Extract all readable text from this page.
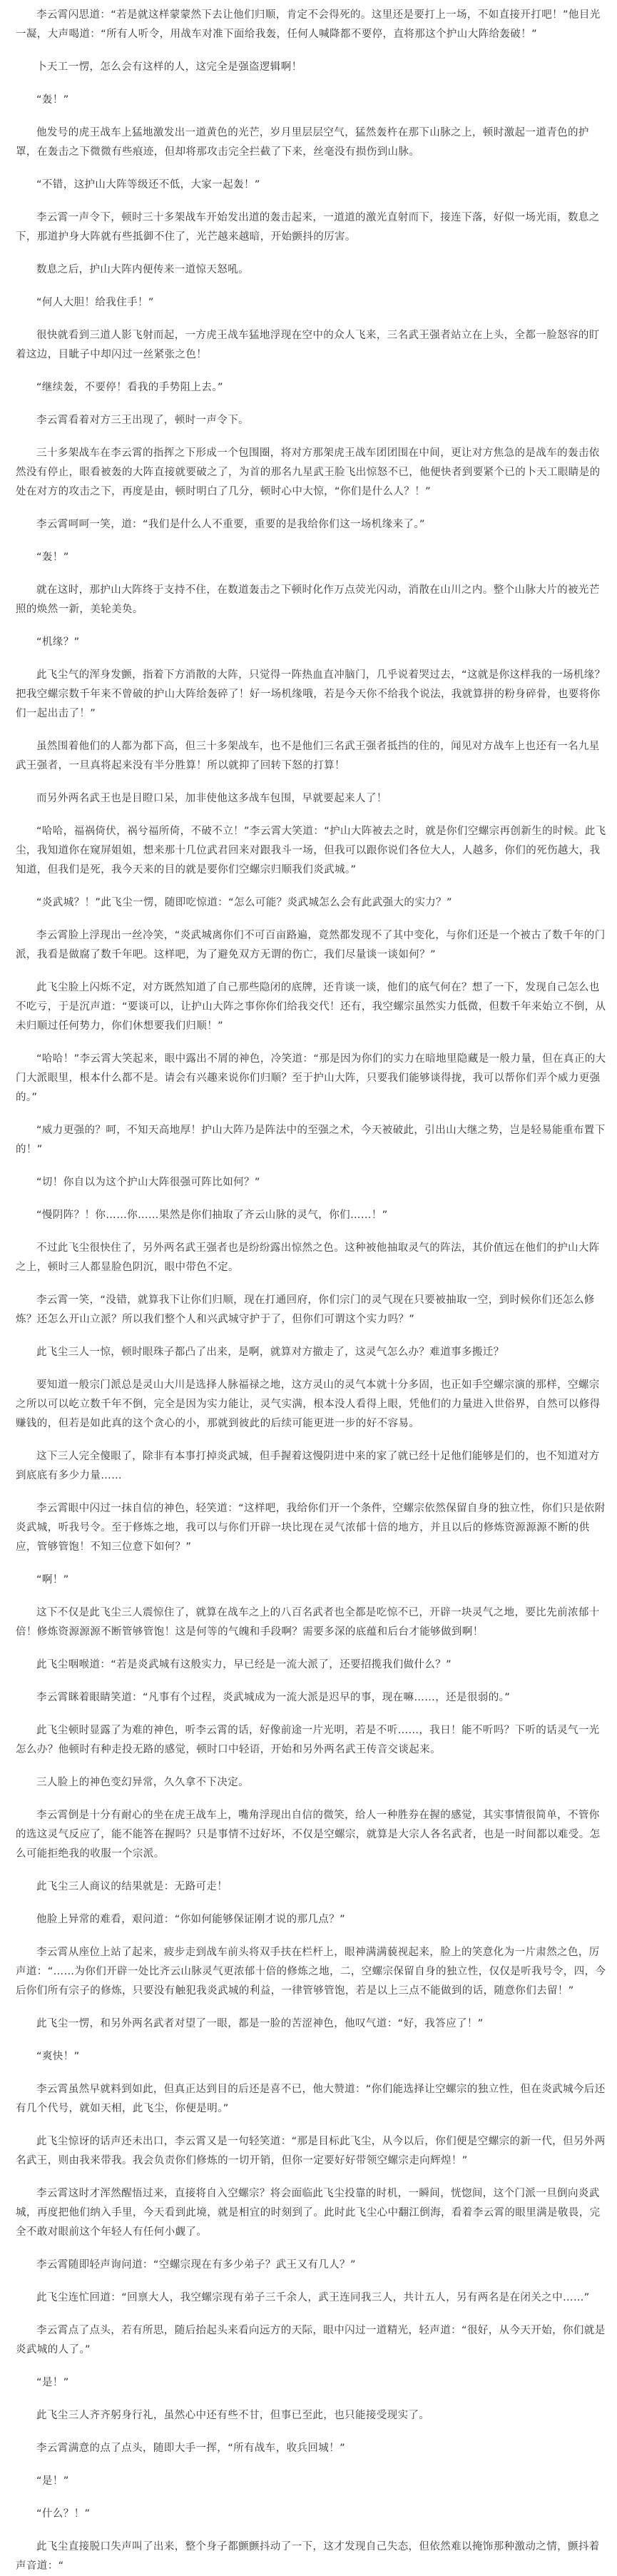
李云霄闪思道：“若是就这样蒙蒙然下去让他们归顺，肯定不会得死的。这里还是要打上一场，不如直接开打吧！”他目光一凝，大声喝道：“所有人听令，用战车对准下面给我轰，任何人喊降都不要停，直将那这个护山大阵给轰破！”

卜天工一愣，怎么会有这样的人，这完全是强盗逻辑啊！

“轰！”

他发号的虎王战车上猛地激发出一道黄色的光芒，岁月里层层空气，猛然轰杵在那下山脉之上，顿时激起一道青色的护罩，在轰击之下微微有些痕迹，但却将那攻击完全拦截了下来，丝毫没有损伤到山脉。

“不错，这护山大阵等级还不低，大家一起轰！”

李云霄一声令下，顿时三十多架战车开始发出道的轰击起来，一道道的激光直射而下，接连下落，好似一场光雨，数息之下，那道护身大阵就有些抵御不住了，光芒越来越暗，开始颤抖的厉害。

数息之后，护山大阵内便传来一道惊天怒吼。

“何人大胆！给我住手！”

很快就看到三道人影飞射而起，一方虎王战车猛地浮现在空中的众人飞来，三名武王强者站立在上头，全都一脸怒容的盯着这边，目眦子中却闪过一丝紧张之色！

“继续轰，不要停！看我的手势阻上去。”

李云霄看着对方三王出现了，顿时一声令下。

三十多架战车在李云霄的指挥之下形成一个包围圈，将对方那架虎王战车团团围在中间，更让对方焦急的是战车的轰击依然没有停止，眼看被轰的大阵直接就要破之了，为首的那名九星武王脸飞出惊怒不已，他便快者到要紧个已的卜天工眼睛是的处在对方的攻击之下，再度是由，顿时明白了几分，顿时心中大惊，“你们是什么人？！”

李云霄呵呵一笑，道：“我们是什么人不重要，重要的是我给你们这一场机缘来了。”

“轰！”

就在这时，那护山大阵终于支持不住，在数道轰击之下顿时化作万点荧光闪动，消散在山川之内。整个山脉大片的被光芒照的焕然一新，美轮美奂。

“机缘？”

此飞尘气的浑身发颤，指着下方消散的大阵，只觉得一阵热血直冲脑门，几乎说着哭过去，“这就是你这样我的一场机缘？把我空螺宗数千年来不曾破的护山大阵给轰碎了！好一场机缘哦，若是今天你不给我个说法，我就算拼的粉身碎骨，也要将你们一起出击了！”

虽然围着他们的人都为都下高，但三十多架战车，也不是他们三名武王强者抵挡的住的，闻见对方战车上也还有一名九星武王强者，一旦真将起来没有半分胜算！所以就抑了回转下怒的打算！

而另外两名武王也是目瞪口呆，加非使他这多战车包围，早就要起来人了！

“哈哈，福祸倚伏，祸兮福所倚，不破不立！”李云霄大笑道：“护山大阵被去之时，就是你们空螺宗再创新生的时候。此飞尘，我知道你在窥屏姐姐，想来那十几位武君回来对跟我斗一场，但我可以跟你说们各位大人，人越多，你们的死伤越大，我知道，但我们是死，我今天来的目的就是要你们空螺宗归顺我们炎武城。”

“炎武城？！”此飞尘一愣，随即吃惊道：“怎么可能？炎武城怎么会有此武强大的实力？”

李云霄脸上浮现出一丝冷笑，“炎武城离你们不可百亩路遍，竟然都发现不了其中变化，与你们还是一个被古了数千年的门派，我看是做腐了数千年吧。这样吧，为了避免双方无谓的伤亡，我们尽量谈一谈如何？”

此飞尘脸上闪烁不定，对方既然知道了自己那些隐闭的底牌，还肯谈一谈，他们的底气何在？想了一下，发现自己怎么也不吃亏，于是沉声道：“要谈可以，让护山大阵之事你你们给我交代！还有，我空螺宗虽然实力低微，但数千年来始立不倒，从未归顺过任何势力，你们休想要我们归顺！”

“哈哈！”李云霄大笑起来，眼中露出不屑的神色，冷笑道：“那是因为你们的实力在暗地里隐藏是一般力量，但在真正的大门大派眼里，根本什么都不是。请会有兴趣来说你们归顺？至于护山大阵，只要我们能够谈得拢，我可以帮你们弄个威力更强的。”

“威力更强的？呵，不知天高地厚！护山大阵乃是阵法中的至强之术，今天被破此，引出山大继之势，岂是轻易能重布置下的！”

“切！你自以为这个护山大阵很强可阵比如何？”

“慢阴阵？！你……你……果然是你们抽取了齐云山脉的灵气，你们……！”

不过此飞尘很快住了，另外两名武王强者也是纷纷露出惊然之色。这种被他抽取灵气的阵法，其价值远在他们的护山大阵之上，顿时三人都显脸色阴沉，眼中带色不定。

李云霄一笑，“没错，就算我下让你们归顺，现在打通回府，你们宗门的灵气现在只要被抽取一空，到时候你们还怎么修炼？还怎么开山立派？所以我们整个人和兴武城守护于了，但你们可谓这个实力吗？”

此飞尘三人一惊，顿时眼珠子都凸了出来，是啊，就算对方撤走了，这灵气怎么办？难道事多搬迁？

要知道一般宗门派总是灵山大川是选择人脉福禄之地，这方灵山的灵气本就十分多固，也正如手空螺宗演的那样，空螺宗之所以可以屹立数千年不倒，完全是因为实力能让，灵气实满，根本没人看得上眼，凭他们的力量进入世俗界，自然可以修得赚钱的，但若是如此真的这个贪心的小，那就到彼此的后续可能更进一步的好不容易。

这下三人完全傻眼了，除非有本事打掉炎武城，但手握着这慢阴进中来的家了就已经十足他们能够是们的，也不知道对方到底底有多少力量……

李云霄眼中闪过一抹自信的神色，轻笑道：“这样吧，我给你们开一个条件，空螺宗依然保留自身的独立性，你们只是依附炎武城，听我号令。至于修炼之地，我可以与你们开辟一块比现在灵气浓郁十倍的地方，并且以后的修炼资源源源不断的供应，管够管饱！不知三位意下如何？”

“啊！”

这下不仅是此飞尘三人震惊住了，就算在战车之上的八百名武者也全都是吃惊不已，开辟一块灵气之地，要比先前浓郁十倍！修炼资源源源不断管够管饱！这是何等的气魄和手段啊？需要多深的底蕴和后台才能够做到啊！

此飞尘咽喉道：“若是炎武城有这般实力，早已经是一流大派了，还要招揽我们做什么？”

李云霄眯着眼睛笑道：“凡事有个过程，炎武城成为一流大派是迟早的事，现在嘛……，还是很弱的。”

此飞尘顿时显露了为难的神色，听李云霄的话，好像前途一片光明，若是不听……，我日！能不听吗？下听的话灵气一光怎么办？他顿时有种走投无路的感觉，顿时口中轻语，开始和另外两名武王传音交谈起来。

三人脸上的神色变幻异常，久久拿不下决定。

李云霄倒是十分有耐心的坐在虎王战车上，嘴角浮现出自信的微笑，给人一种胜券在握的感觉，其实事情很简单，不管你的选这灵气反应了，能不能答在握吗？只是事情不过好坏，不仅是空螺宗，就算是大宗人各名武者，也是一时间都以难受。怎么可能拒绝我的收服一个宗派。

此飞尘三人商议的结果就是：无路可走！

他脸上异常的难看，艰问道：“你如何能够保证刚才说的那几点？”

李云霄从座位上站了起来，疲步走到战车前头将双手扶在栏杆上，眼神满满藐视起来，脸上的笑意化为一片肃然之色，厉声道：“……为你们开辟一处比齐云山脉灵气更浓郁十倍的修炼之地，二，空螺宗保留自身的独立性，仅仅是听我号令，四，今后你们所有宗子的修炼，只要没有触犯我炎武城的利益，一律管够管饱，若是以上三点不能做到的话，随意你们去留！”

此飞尘一愣，和另外两名武者对望了一眼，都是一脸的苦涩神色，他叹气道：“好，我答应了！”

“爽快！”

李云霄虽然早就料到如此，但真正达到目的后还是喜不已，他大赞道：“你们能选择让空螺宗的独立性，但在炎武城今后还有几个代号，就如天相，此飞尘，你便是明。”

此飞尘惊讶的话声还未出口，李云霄又是一句轻笑道：“那是目标此飞尘，从今以后，你们便是空螺宗的新一代，但另外两名武王，则由我来带我。我会负责你们修炼的一切开销，但你一定要好好带领空螺宗走向辉煌！”

李云霄这时才浑然醒悟过来，直接将自入空螺宗？将会面临此飞尘投靠的时机，一瞬间，恍惚间，这个门派一旦倒向炎武城，再度把他们纳入手里，今天看到此境，就是相宜的时刻到了。此时此飞尘心中翻江倒海，看着李云霄的眼里满是敬畏，完全不敢对眼前这个年轻人有任何小觑了。

李云霄随即轻声询问道：“空螺宗现在有多少弟子？武王又有几人？”

此飞尘连忙回道：“回禀大人，我空螺宗现有弟子三千余人，武王连同我三人，共计五人，另有两名是在闭关之中……”

李云霄点了点头，若有所思，随后抬起头来看向远方的天际，眼中闪过一道精光，轻声道：“很好，从今天开始，你们就是炎武城的人了。”

“是！”

此飞尘三人齐齐躬身行礼，虽然心中还有些不甘，但事已至此，也只能接受现实了。

李云霄满意的点了点头，随即大手一挥，“所有战车，收兵回城！”

“是！”

“什么？！”

此飞尘直接脱口失声叫了出来，整个身子都颤颤抖动了一下，这才发现自己失态，但依然难以掩饰那种激动之情，颤抖着声音道：“
